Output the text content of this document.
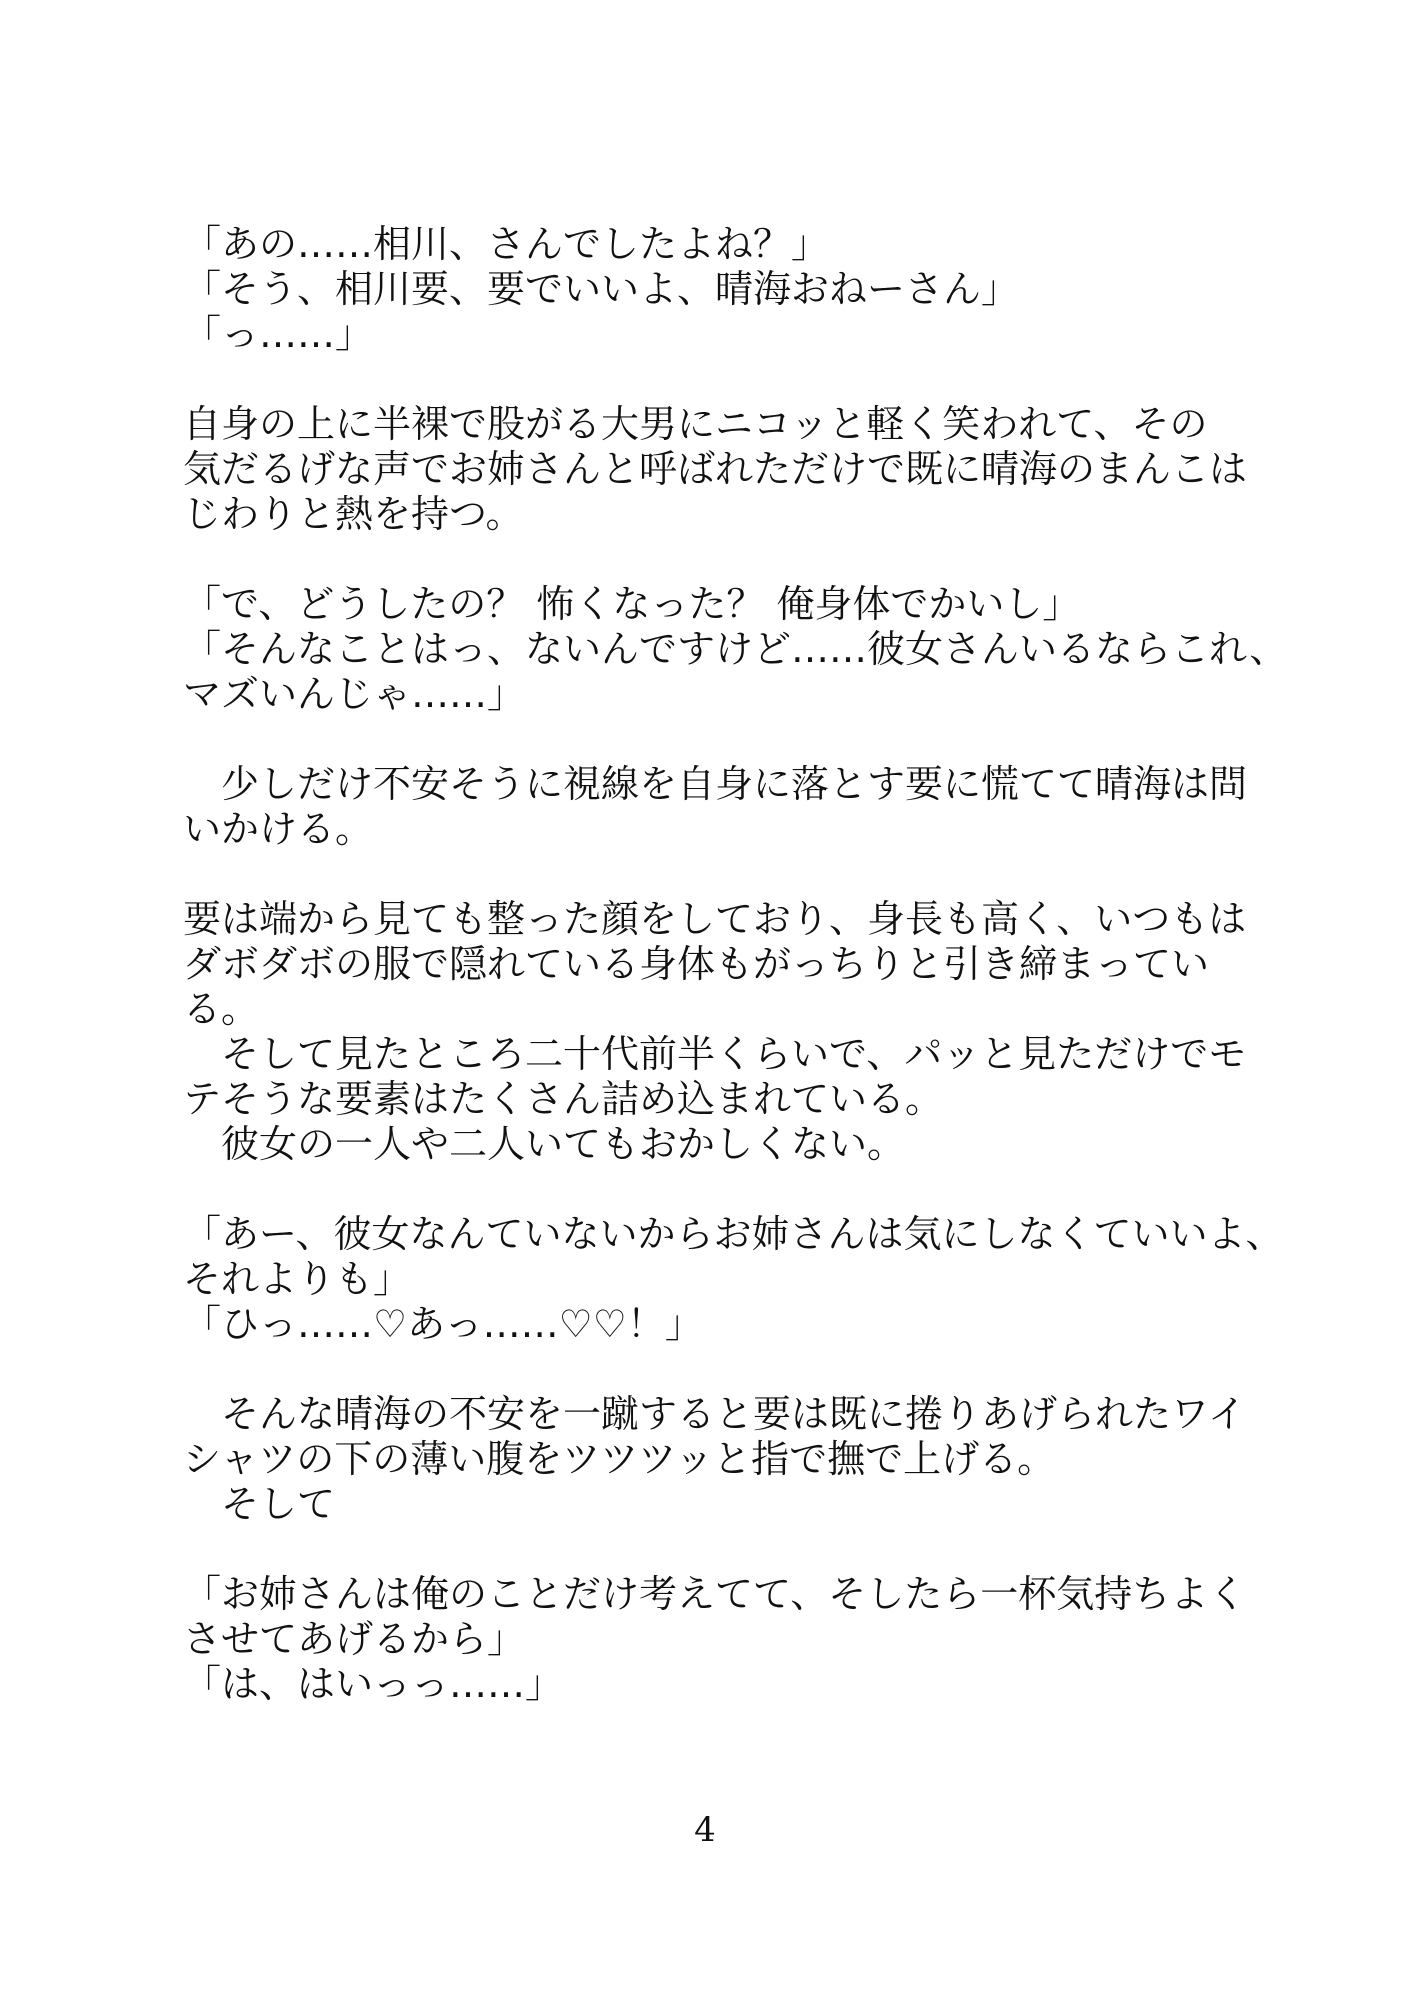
「あの……相川、さんでしたよね？」
「そう、相川要、要でいいよ、晴海おねーさん」
「っ……」
自身の上に半裸で股がる大男にニコッと軽く笑われて、その
気だるげな声でお姉さんと呼ばれただけで既に晴海のまんこは
じわりと熱を持つ。
「で、どうしたの？ 怖くなった？ 俺身体でかいし」
「そんなことはっ、ないんですけど……彼女さんいるならこれ、
マズいんじゃ……」
　少しだけ不安そうに視線を自身に落とす要に慌てて晴海は問
いかける。
要は端から見ても整った顔をしており、身長も高く、いつもは
ダボダボの服で隠れている身体もがっちりと引き締まってい
る。
　そして見たところ二十代前半くらいで、パッと見ただけでモ
テそうな要素はたくさん詰め込まれている。
　彼女の一人や二人いてもおかしくない。
「あー、彼女なんていないからお姉さんは気にしなくていいよ、
それよりも」
「ひっ……♡あっ……♡♡！」
　そんな晴海の不安を一蹴すると要は既に捲りあげられたワイ
シャツの下の薄い腹をツツツッと指で撫で上げる。
　そして
「お姉さんは俺のことだけ考えてて、そしたら一杯気持ちよく
させてあげるから」
「は、はいっっ……」
4
